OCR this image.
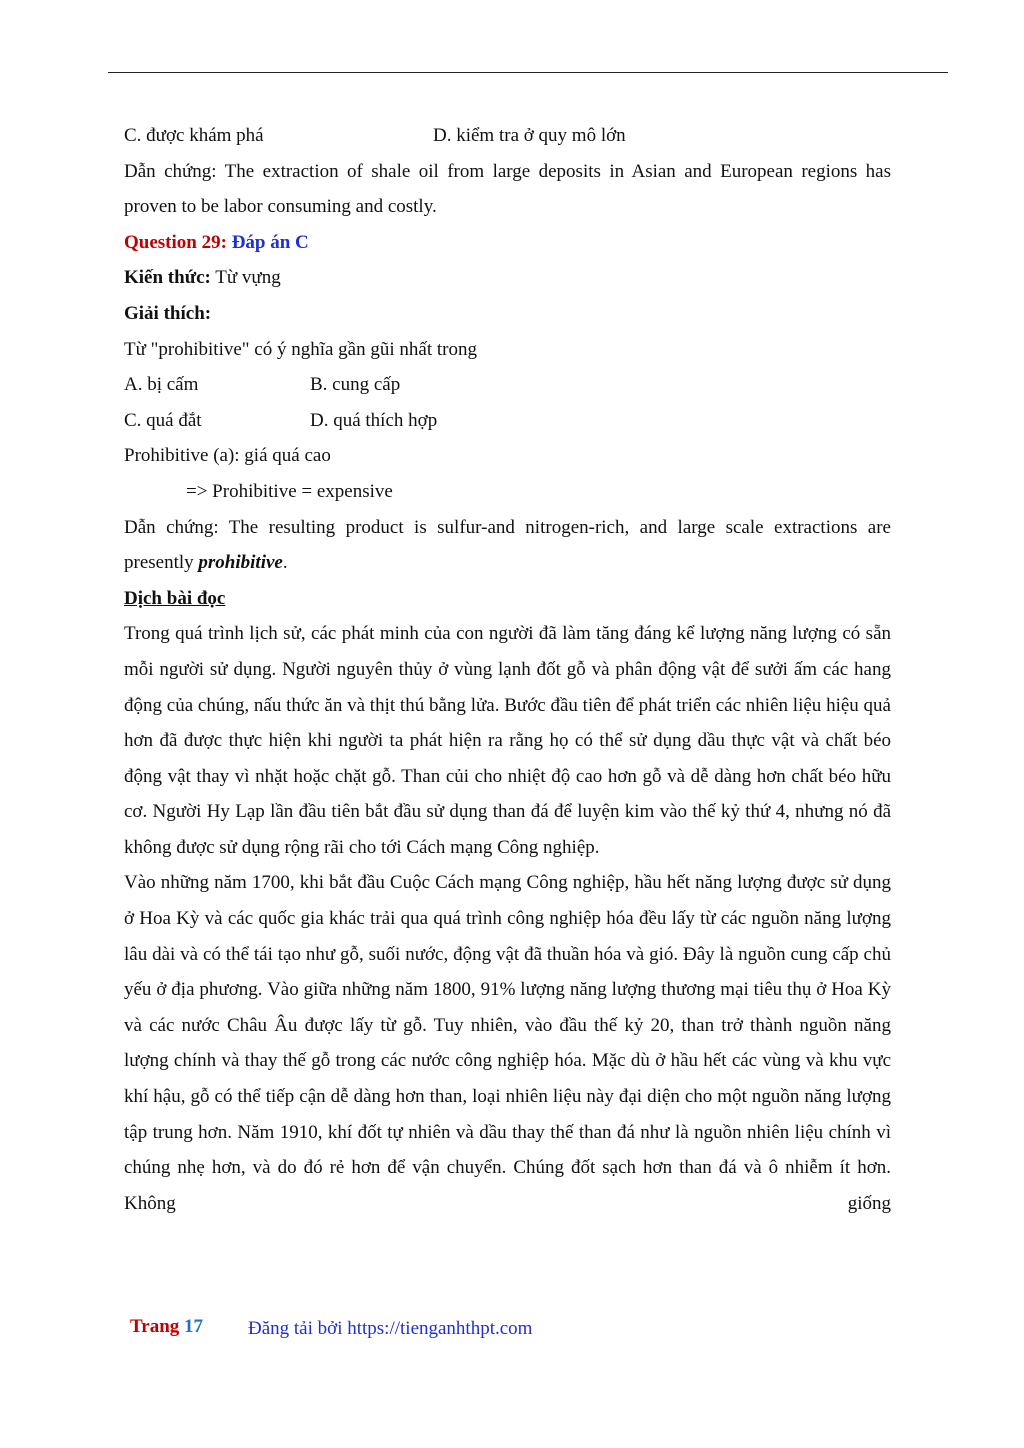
C. được khám phá	D. kiểm tra ở quy mô lớn

Dẫn chứng: The extraction of shale oil from large deposits in Asian and European regions has proven to be labor consuming and costly.

Question 29: Đáp án C

Kiến thức: Từ vựng

Giải thích:

Từ "prohibitive" có ý nghĩa gần gũi nhất trong

A. bị cấm	B. cung cấp
C. quá đắt	D. quá thích hợp

Prohibitive (a): giá quá cao

=> Prohibitive = expensive

Dẫn chứng: The resulting product is sulfur-and nitrogen-rich, and large scale extractions are presently prohibitive.

Dịch bài đọc

Trong quá trình lịch sử, các phát minh của con người đã làm tăng đáng kể lượng năng lượng có sẵn mỗi người sử dụng. Người nguyên thủy ở vùng lạnh đốt gỗ và phân động vật để sưởi ấm các hang động của chúng, nấu thức ăn và thịt thú bằng lửa. Bước đầu tiên để phát triển các nhiên liệu hiệu quả hơn đã được thực hiện khi người ta phát hiện ra rằng họ có thể sử dụng dầu thực vật và chất béo động vật thay vì nhặt hoặc chặt gỗ. Than củi cho nhiệt độ cao hơn gỗ và dễ dàng hơn chất béo hữu cơ. Người Hy Lạp lần đầu tiên bắt đầu sử dụng than đá để luyện kim vào thế kỷ thứ 4, nhưng nó đã không được sử dụng rộng rãi cho tới Cách mạng Công nghiệp.

Vào những năm 1700, khi bắt đầu Cuộc Cách mạng Công nghiệp, hầu hết năng lượng được sử dụng ở Hoa Kỳ và các quốc gia khác trải qua quá trình công nghiệp hóa đều lấy từ các nguồn năng lượng lâu dài và có thể tái tạo như gỗ, suối nước, động vật đã thuần hóa và gió. Đây là nguồn cung cấp chủ yếu ở địa phương. Vào giữa những năm 1800, 91% lượng năng lượng thương mại tiêu thụ ở Hoa Kỳ và các nước Châu Âu được lấy từ gỗ. Tuy nhiên, vào đầu thế kỷ 20, than trở thành nguồn năng lượng chính và thay thế gỗ trong các nước công nghiệp hóa. Mặc dù ở hầu hết các vùng và khu vực khí hậu, gỗ có thể tiếp cận dễ dàng hơn than, loại nhiên liệu này đại diện cho một nguồn năng lượng tập trung hơn. Năm 1910, khí đốt tự nhiên và dầu thay thế than đá như là nguồn nhiên liệu chính vì chúng nhẹ hơn, và do đó rẻ hơn để vận chuyển. Chúng đốt sạch hơn than đá và ô nhiễm ít hơn. Không giống

Trang 17 Đăng tải bởi https://tienganhthpt.com
